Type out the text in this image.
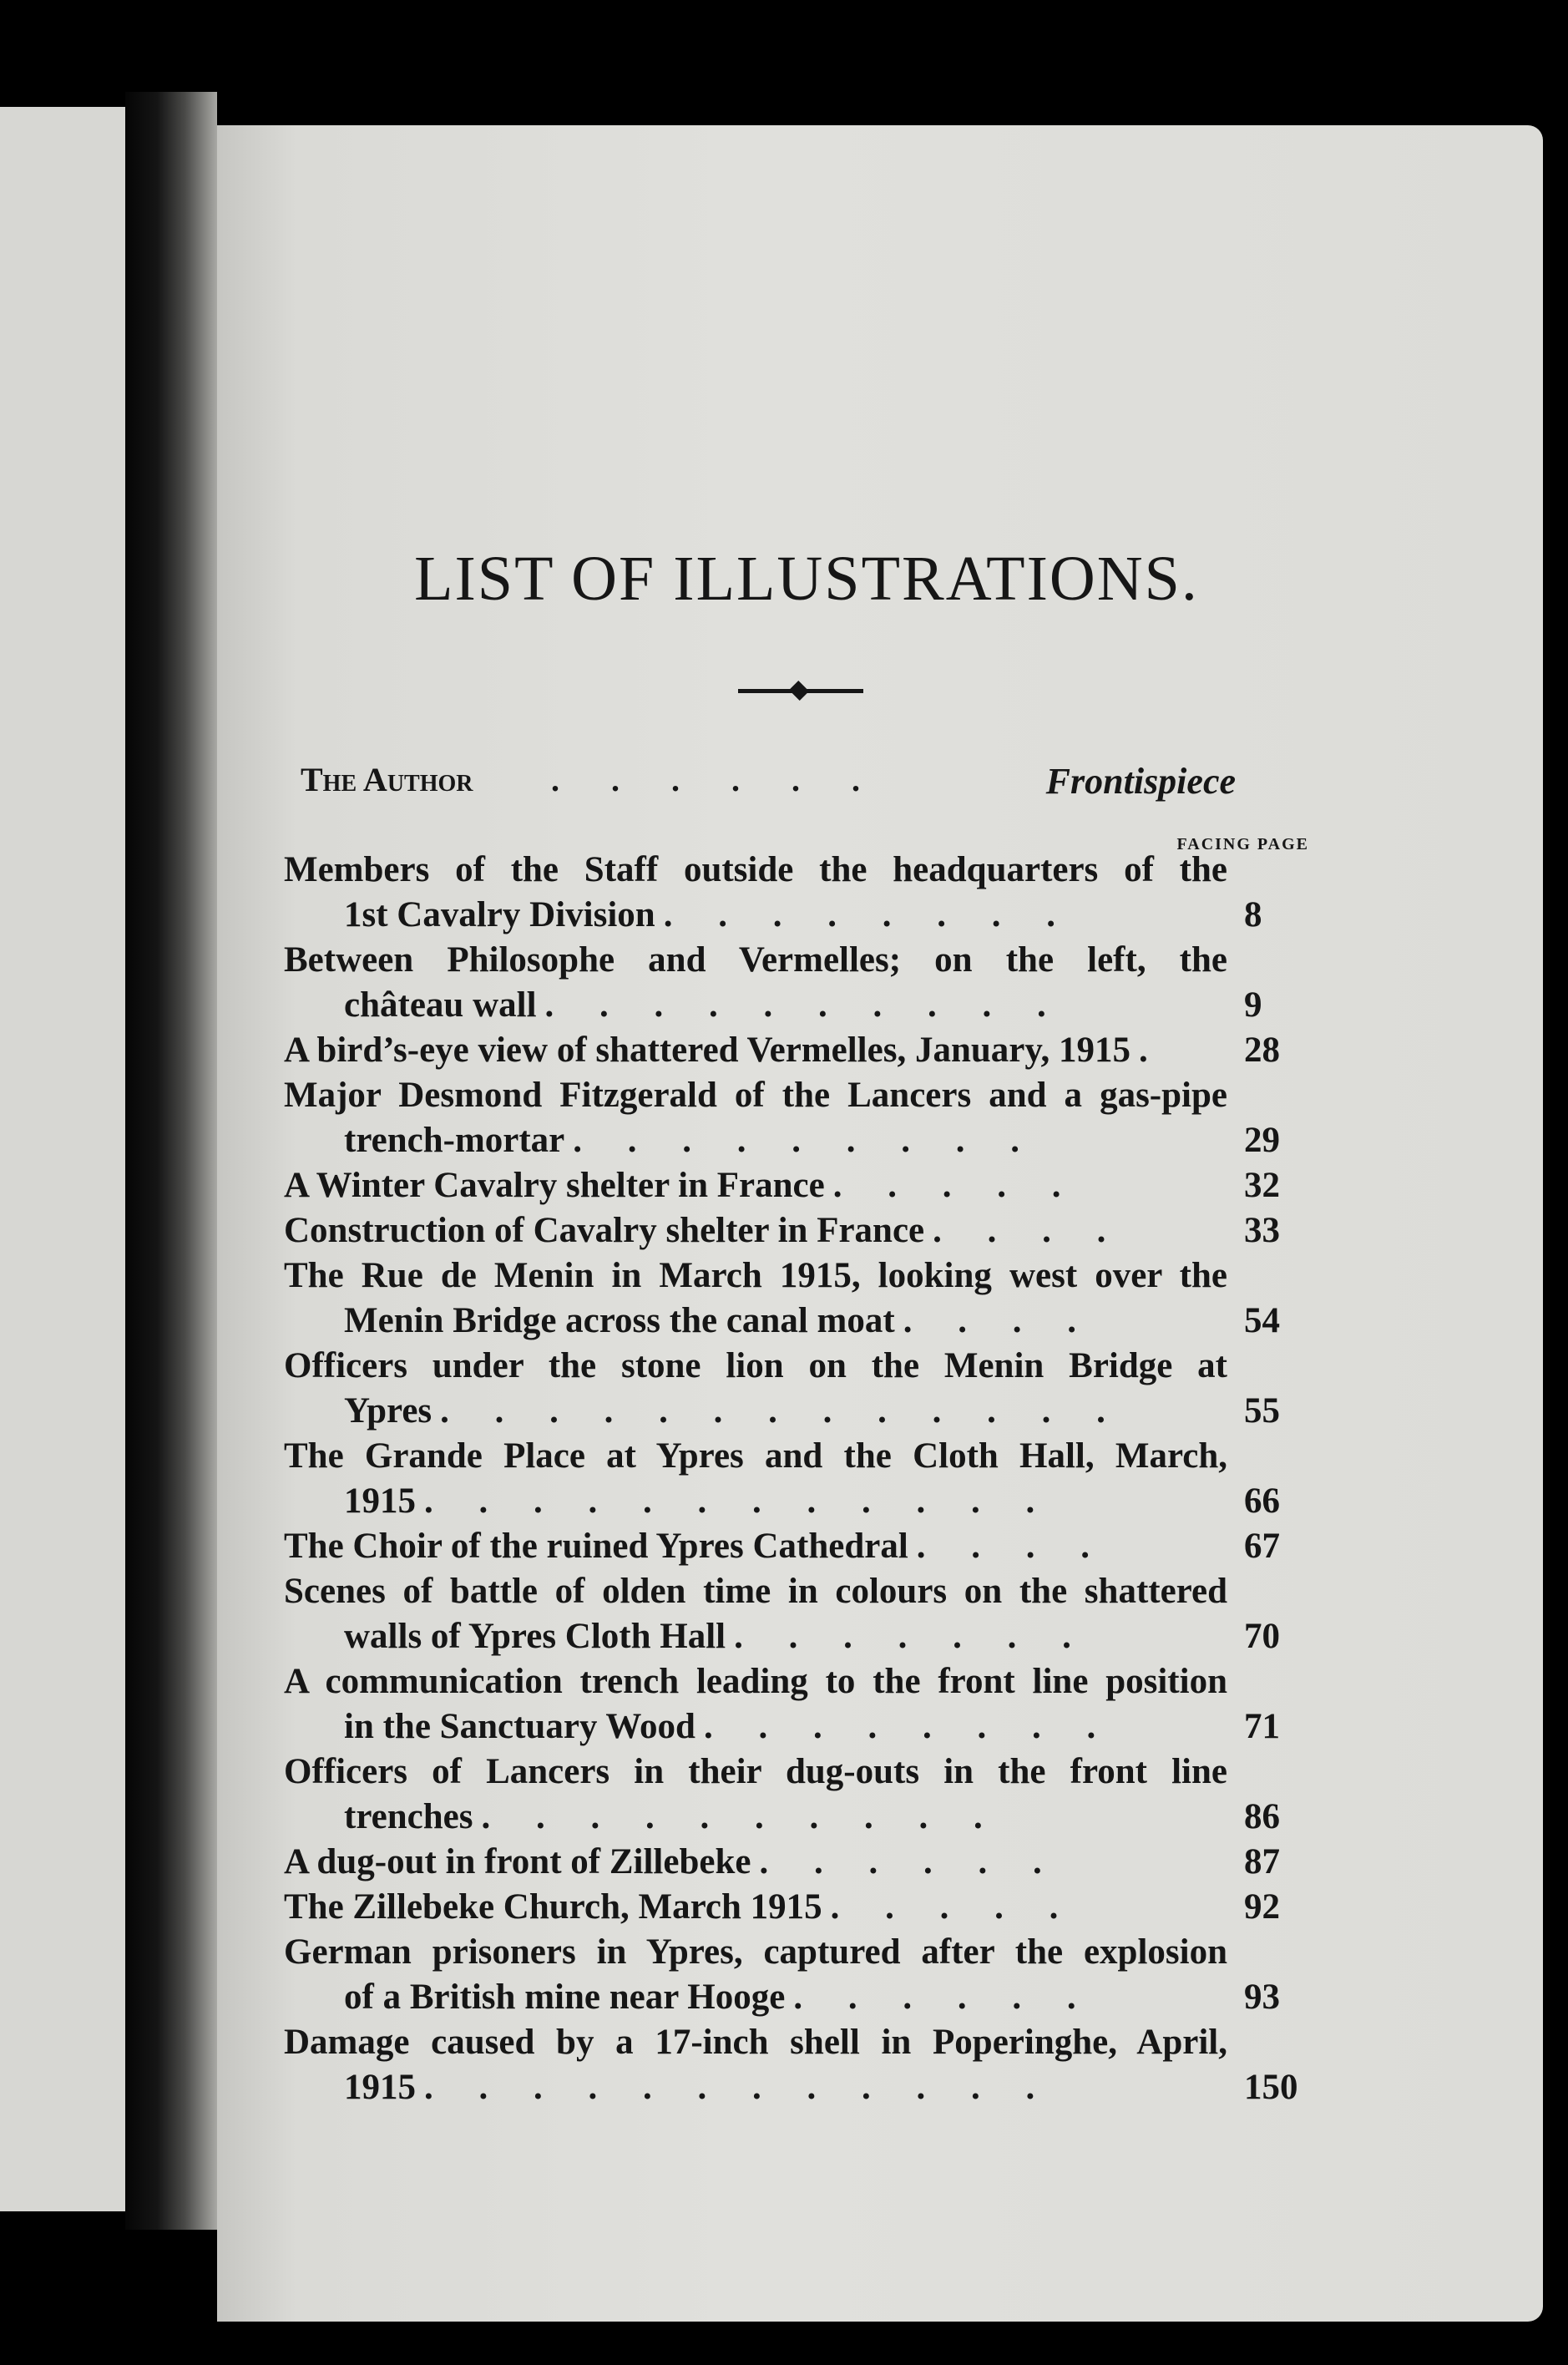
LIST OF ILLUSTRATIONS.
The Author . . . . . .	Frontispiece
FACING PAGE
Members of the Staff outside the headquarters of the
1st Cavalry Division . . . . . . . .	8
Between Philosophe and Vermelles; on the left, the
château wall . . . . . . . . . .	9
A bird’s-eye view of shattered Vermelles, January, 1915 .	28
Major Desmond Fitzgerald of the Lancers and a gas-pipe
trench-mortar . . . . . . . . .	29
A Winter Cavalry shelter in France . . . . .	32
Construction of Cavalry shelter in France . . . .	33
The Rue de Menin in March 1915, looking west over the
Menin Bridge across the canal moat . . . .	54
Officers under the stone lion on the Menin Bridge at
Ypres . . . . . . . . . . . . .	55
The Grande Place at Ypres and the Cloth Hall, March,
1915 . . . . . . . . . . . .	66
The Choir of the ruined Ypres Cathedral . . . .	67
Scenes of battle of olden time in colours on the shattered
walls of Ypres Cloth Hall . . . . . . .	70
A communication trench leading to the front line position
in the Sanctuary Wood . . . . . . . .	71
Officers of Lancers in their dug-outs in the front line
trenches . . . . . . . . . .	86
A dug-out in front of Zillebeke . . . . . .	87
The Zillebeke Church, March 1915 . . . . .	92
German prisoners in Ypres, captured after the explosion
of a British mine near Hooge . . . . . .	93
Damage caused by a 17-inch shell in Poperinghe, April,
1915 . . . . . . . . . . . .	150
